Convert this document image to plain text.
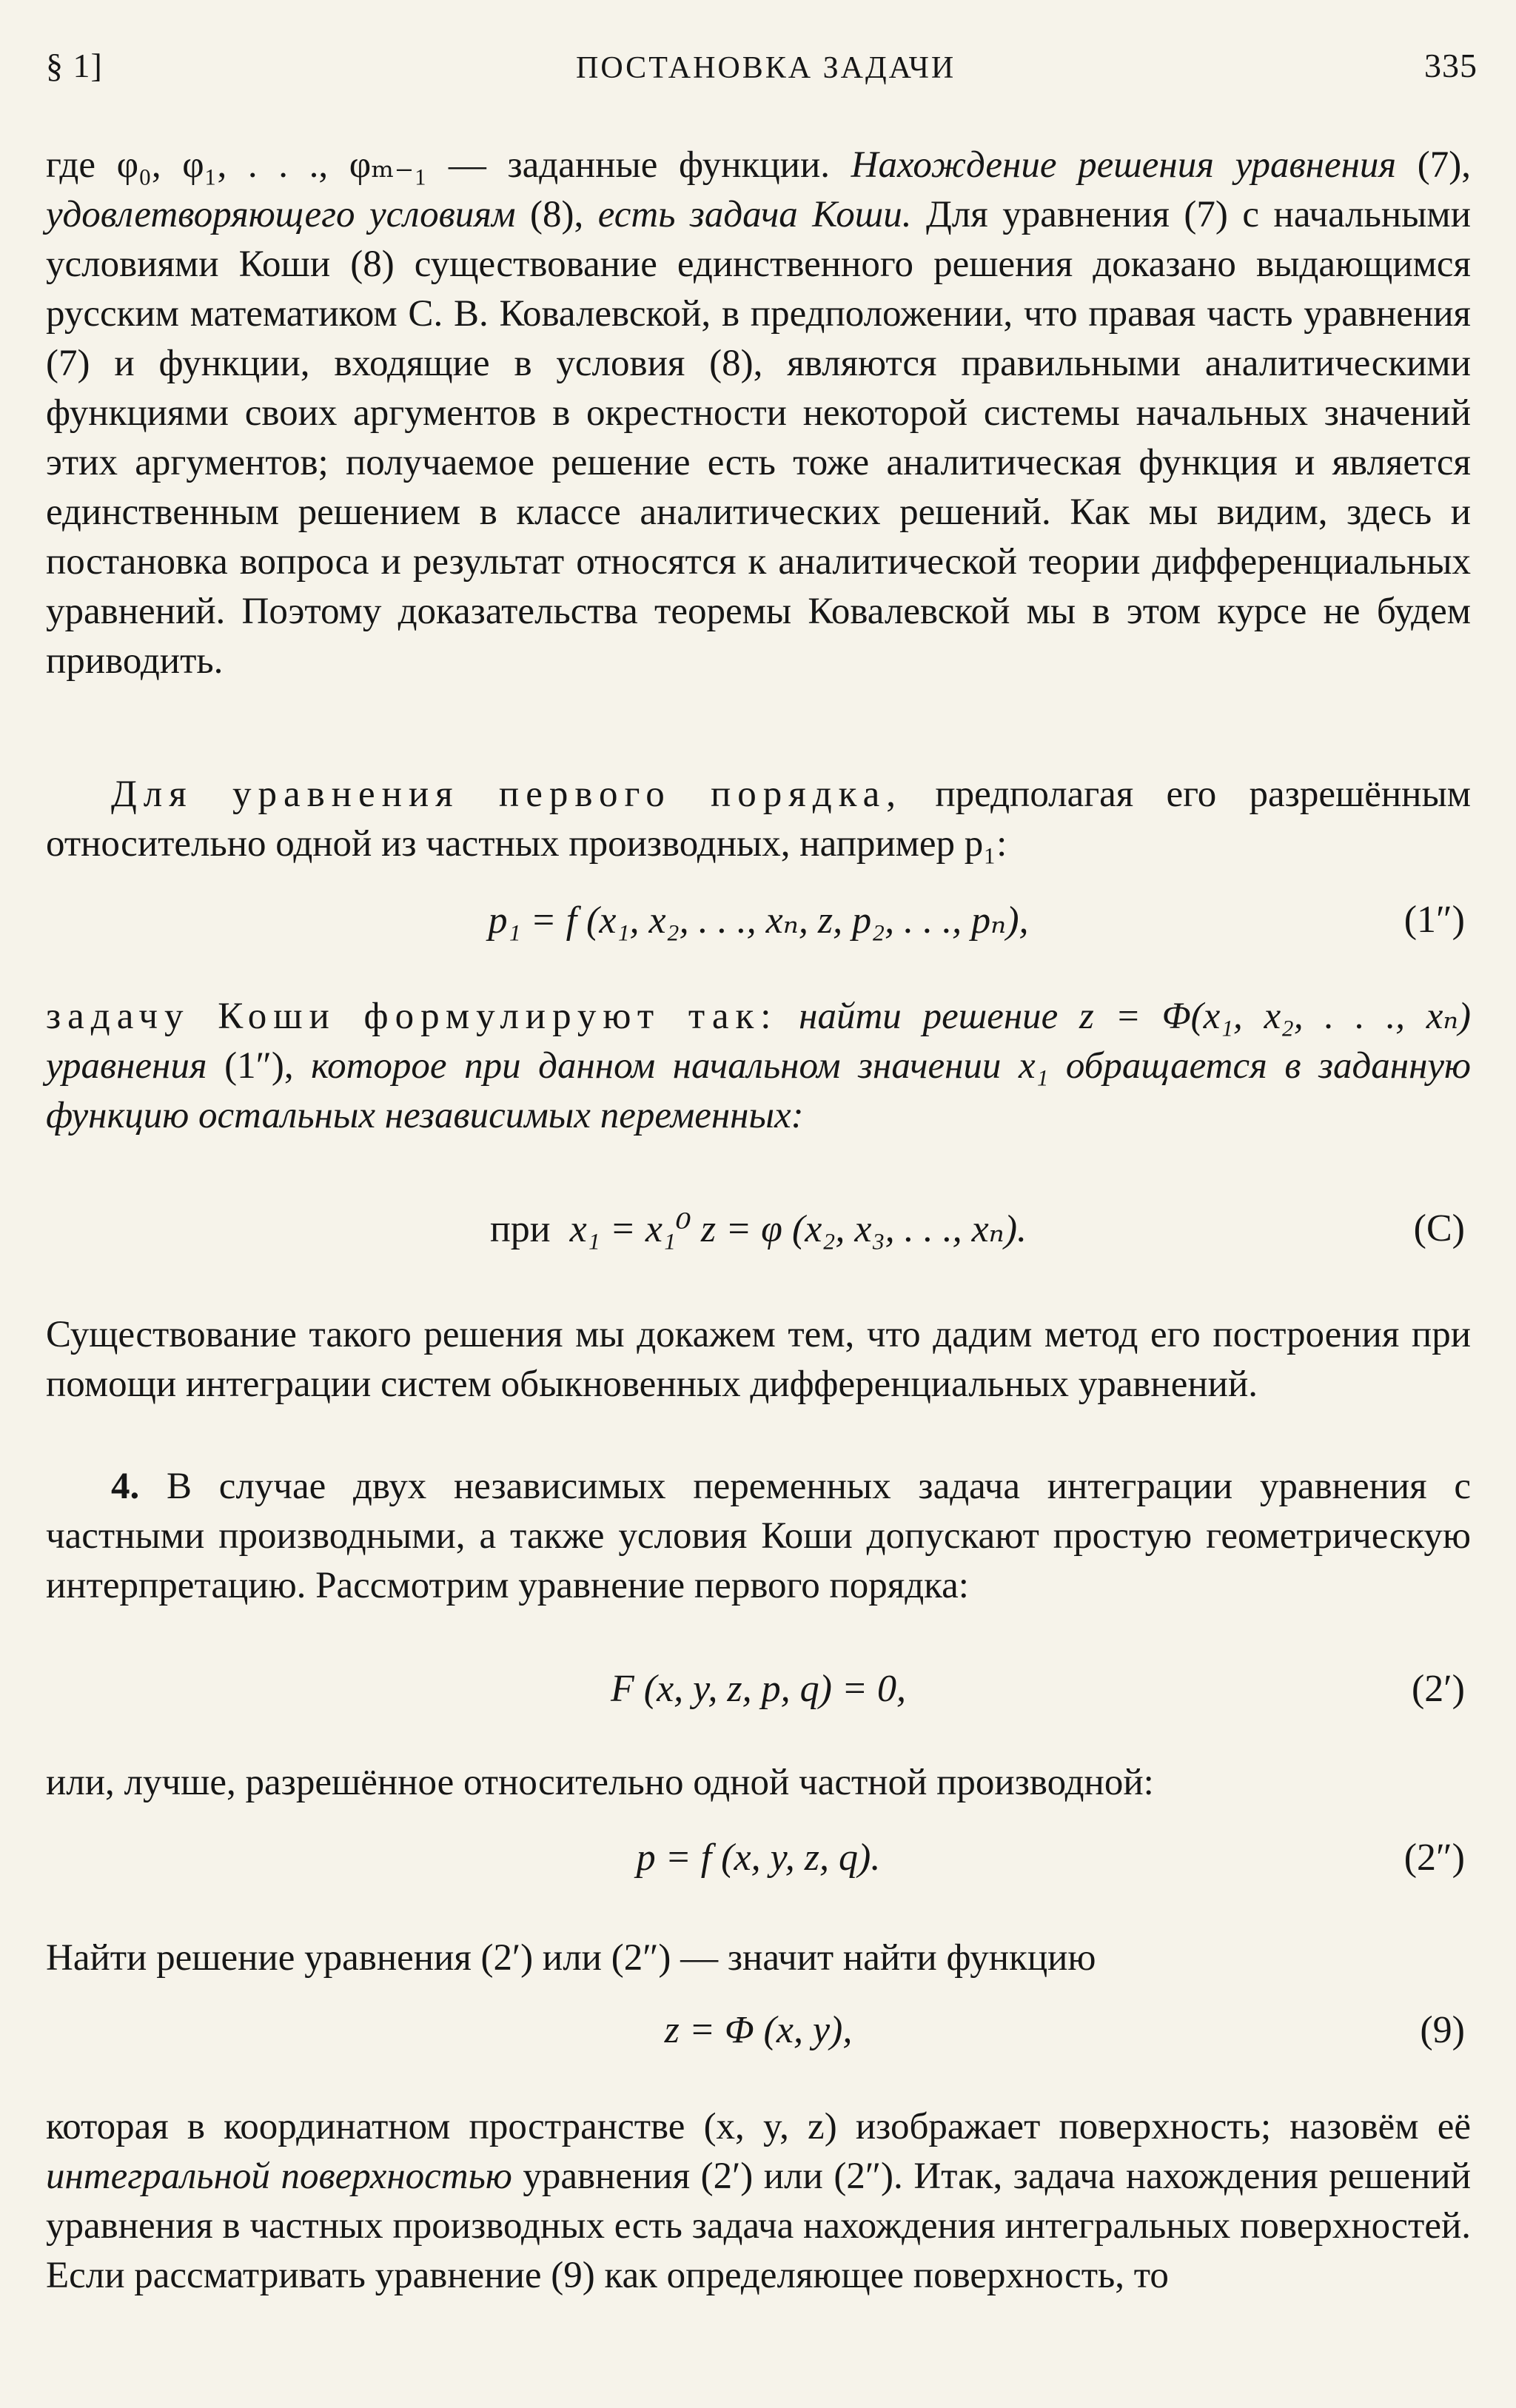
§ 1]	ПОСТАНОВКА ЗАДАЧИ	335

где φ₀, φ₁, . . ., φₘ₋₁ — заданные функции. Нахождение решения уравнения (7), удовлетворяющего условиям (8), есть задача Коши. Для уравнения (7) с начальными условиями Коши (8) существование единственного решения доказано выдающимся русским математиком С. В. Ковалевской, в предположении, что правая часть уравнения (7) и функции, входящие в условия (8), являются правильными аналитическими функциями своих аргументов в окрестности некоторой системы начальных значений этих аргументов; получаемое решение есть тоже аналитическая функция и является единственным решением в классе аналитических решений. Как мы видим, здесь и постановка вопроса и результат относятся к аналитической теории дифференциальных уравнений. Поэтому доказательства теоремы Ковалевской мы в этом курсе не будем приводить.

Для уравнения первого порядка, предполагая его разрешённым относительно одной из частных производных, например p₁:

p₁ = f (x₁, x₂, . . ., xₙ, z, p₂, . . ., pₙ),	(1″)

задачу Коши формулируют так: найти решение z = Φ(x₁, x₂, . . ., xₙ) уравнения (1″), которое при данном начальном значении x₁ обращается в заданную функцию остальных независимых переменных:

при x₁ = x₁⁰ z = φ (x₂, x₃, . . ., xₙ).	(C)

Существование такого решения мы докажем тем, что дадим метод его построения при помощи интеграции систем обыкновенных дифференциальных уравнений.

4. В случае двух независимых переменных задача интеграции уравнения с частными производными, а также условия Коши допускают простую геометрическую интерпретацию. Рассмотрим уравнение первого порядка:

F (x, y, z, p, q) = 0,	(2′)

или, лучше, разрешённое относительно одной частной производной:

p = f (x, y, z, q).	(2″)

Найти решение уравнения (2′) или (2″) — значит найти функцию

z = Φ (x, y),	(9)

которая в координатном пространстве (x, y, z) изображает поверхность; назовём её интегральной поверхностью уравнения (2′) или (2″). Итак, задача нахождения решений уравнения в частных производных есть задача нахождения интегральных поверхностей. Если рассматривать уравнение (9) как определяющее поверхность, то
